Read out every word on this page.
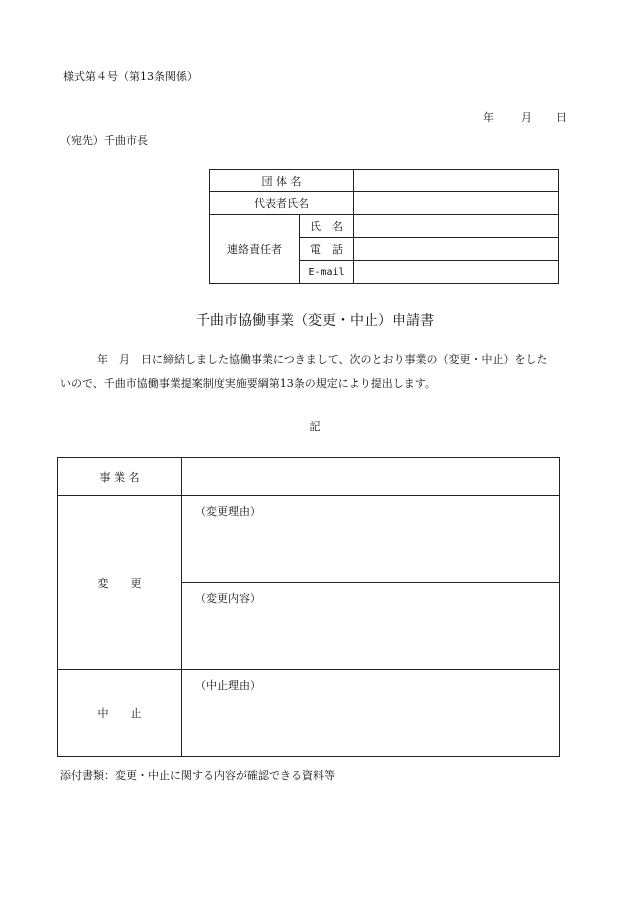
様式第４号（第13条関係）
年 月 日
（宛先）千曲市長
団 体 名		
代表者氏名		
連絡責任者	氏　名	
	電　話	
	E-mail	
千曲市協働事業（変更・中止）申請書
年　月　日に締結しました協働事業につきまして、次のとおり事業の（変更・中止）をした
いので、千曲市協働事業提案制度実施要綱第13条の規定により提出します。
記
事 業 名	
変　　更	（変更理由）

	（変更内容）

中　　止	（中止理由）
添付書類：変更・中止に関する内容が確認できる資料等
